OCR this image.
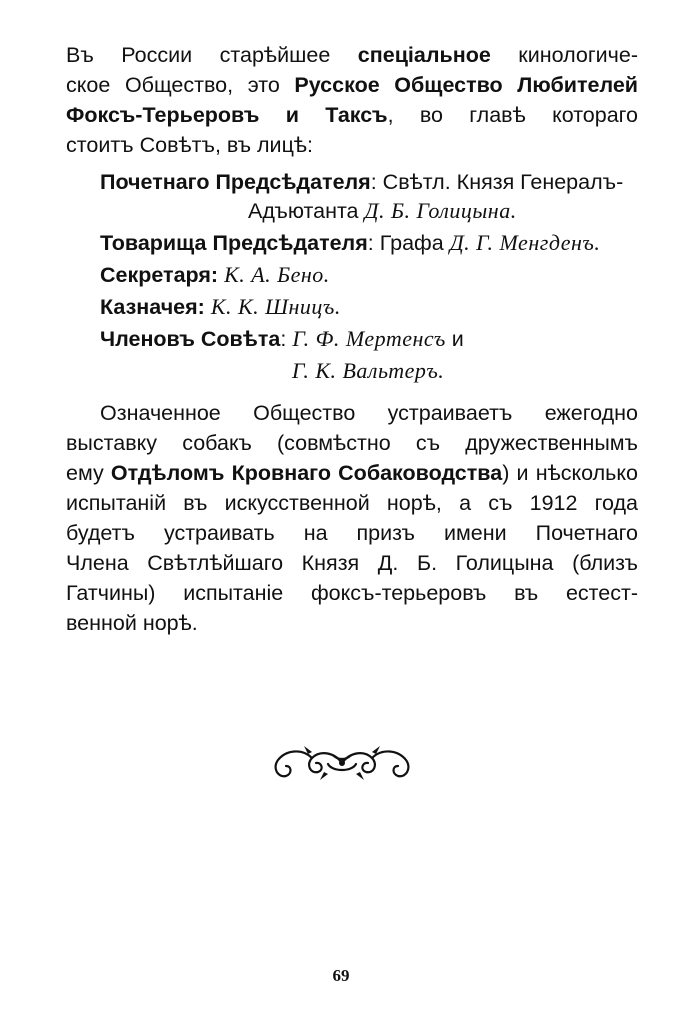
Въ России старѣйшее спеціальное кинологиче-
ское Общество, это Русское Общество Любителей
Фоксъ-Терьеровъ и Таксъ, во главѣ котораго
стоитъ Совѣтъ, въ лицѣ:
Почетнаго Предсѣдателя: Свѣтл. Князя Генералъ-
Адъютанта Д. Б. Голицына.
Товарища Предсѣдателя: Графа Д. Г. Менгденъ.
Секретаря: К. А. Бено.
Казначея: К. К. Шницъ.
Членовъ Совѣта: Г. Ф. Мертенсъ и
Г. К. Вальтеръ.
Означенное Общество устраиваетъ ежегодно
выставку собакъ (совмѣстно съ дружественнымъ
ему Отдѣломъ Кровнаго Собаководства) и нѣсколько
испытаній въ искусственной норѣ, а съ 1912 года
будетъ устраивать на призъ имени Почетнаго
Члена Свѣтлѣйшаго Князя Д. Б. Голицына (близъ
Гатчины) испытаніе фоксъ-терьеровъ въ естест-
венной норѣ.
69
